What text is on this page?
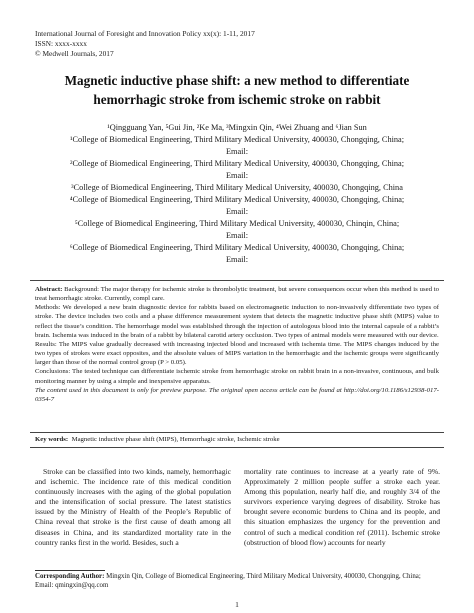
International Journal of Foresight and Innovation Policy xx(x): 1-11, 2017
ISSN: xxxx-xxxx
© Medwell Journals, 2017
Magnetic inductive phase shift: a new method to differentiate
hemorrhagic stroke from ischemic stroke on rabbit
¹Qingguang Yan, ⁵Gui Jin, ²Ke Ma, ³Mingxin Qin, ⁴Wei Zhuang and ⁶Jian Sun
¹College of Biomedical Engineering, Third Military Medical University, 400030, Chongqing, China;
Email:
²College of Biomedical Engineering, Third Military Medical University, 400030, Chongqing, China;
Email:
³College of Biomedical Engineering, Third Military Medical University, 400030, Chongqing, China
⁴College of Biomedical Engineering, Third Military Medical University, 400030, Chongqing, China;
Email:
⁵College of Biomedical Engineering, Third Military Medical University, 400030, Chinqin, China;
Email:
⁶College of Biomedical Engineering, Third Military Medical University, 400030, Chongqing, China;
Email:

Abstract: Background: The major therapy for ischemic stroke is thrombolytic treatment, but severe consequences occur when this method is used to treat hemorrhagic stroke. Currently, compl care.

Methods: We developed a new brain diagnostic device for rabbits based on electromagnetic induction to non-invasively differentiate two types of stroke. The device includes two coils and a phase difference measurement system that detects the magnetic inductive phase shift (MIPS) value to reflect the tissue’s condition. The hemorrhage model was established through the injection of autologous blood into the internal capsule of a rabbit’s brain. Ischemia was induced in the brain of a rabbit by bilateral carotid artery occlusion. Two types of animal models were measured with our device.

Results: The MIPS value gradually decreased with increasing injected blood and increased with ischemia time. The MIPS changes induced by the two types of strokes were exact opposites, and the absolute values of MIPS variation in the hemorrhagic and the ischemic groups were significantly larger than those of the normal control group (P > 0.05).

Conclusions: The tested technique can differentiate ischemic stroke from hemorrhagic stroke on rabbit brain in a non-invasive, continuous, and bulk monitoring manner by using a simple and inexpensive apparatus.

The content used in this document is only for preview purpose. The original open access article can be found at http://doi.org/10.1186/s12938-017-0354-7

Key words: Magnetic inductive phase shift (MIPS), Hemorrhagic stroke, Ischemic stroke
Stroke can be classified into two kinds, namely, hemorrhagic and ischemic. The incidence rate of this medical condition continuously increases with the aging of the global population and the intensification of social pressure. The latest statistics issued by the Ministry of Health of the People’s Republic of China reveal that stroke is the first cause of death among all diseases in China, and its standardized mortality rate in the country ranks first in the world. Besides, such a
mortality rate continues to increase at a yearly rate of 9%. Approximately 2 million people suffer a stroke each year. Among this population, nearly half die, and roughly 3/4 of the survivors experience varying degrees of disability. Stroke has brought severe economic burdens to China and its people, and this situation emphasizes the urgency for the prevention and control of such a medical condition ref (2011). Ischemic stroke (obstruction of blood flow) accounts for nearly
Corresponding Author: Mingxin Qin, College of Biomedical Engineering, Third Military Medical University, 400030, Chongqing, China; Email: qmingxin@qq.com
1
